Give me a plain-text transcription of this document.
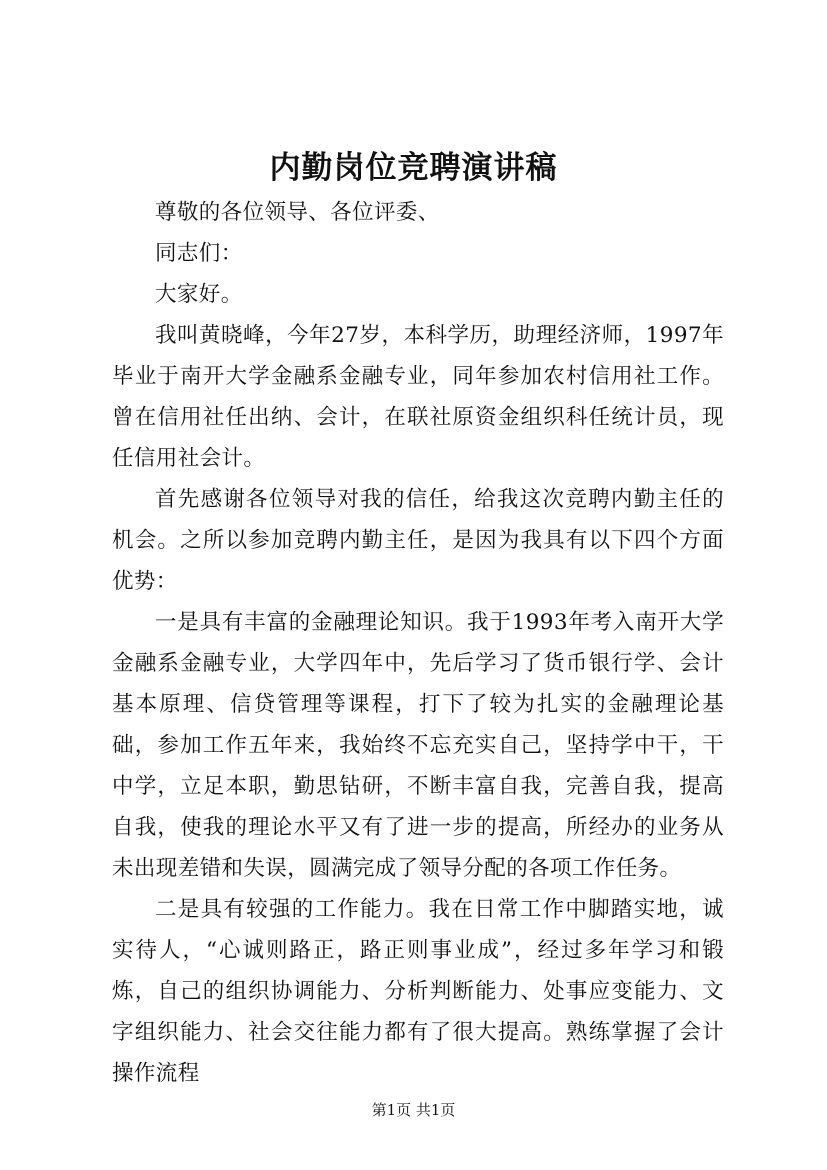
内勤岗位竞聘演讲稿

尊敬的各位领导、各位评委、

同志们：

大家好。

我叫黄晓峰，今年27岁，本科学历，助理经济师，1997年毕业于南开大学金融系金融专业，同年参加农村信用社工作。曾在信用社任出纳、会计，在联社原资金组织科任统计员，现任信用社会计。

首先感谢各位领导对我的信任，给我这次竞聘内勤主任的机会。之所以参加竞聘内勤主任，是因为我具有以下四个方面优势：

一是具有丰富的金融理论知识。我于1993年考入南开大学金融系金融专业，大学四年中，先后学习了货币银行学、会计基本原理、信贷管理等课程，打下了较为扎实的金融理论基础，参加工作五年来，我始终不忘充实自己，坚持学中干，干中学，立足本职，勤思钻研，不断丰富自我，完善自我，提高自我，使我的理论水平又有了进一步的提高，所经办的业务从未出现差错和失误，圆满完成了领导分配的各项工作任务。

二是具有较强的工作能力。我在日常工作中脚踏实地，诚实待人，“心诚则路正，路正则事业成”，经过多年学习和锻炼，自己的组织协调能力、分析判断能力、处事应变能力、文字组织能力、社会交往能力都有了很大提高。熟练掌握了会计操作流程

第1页 共1页
